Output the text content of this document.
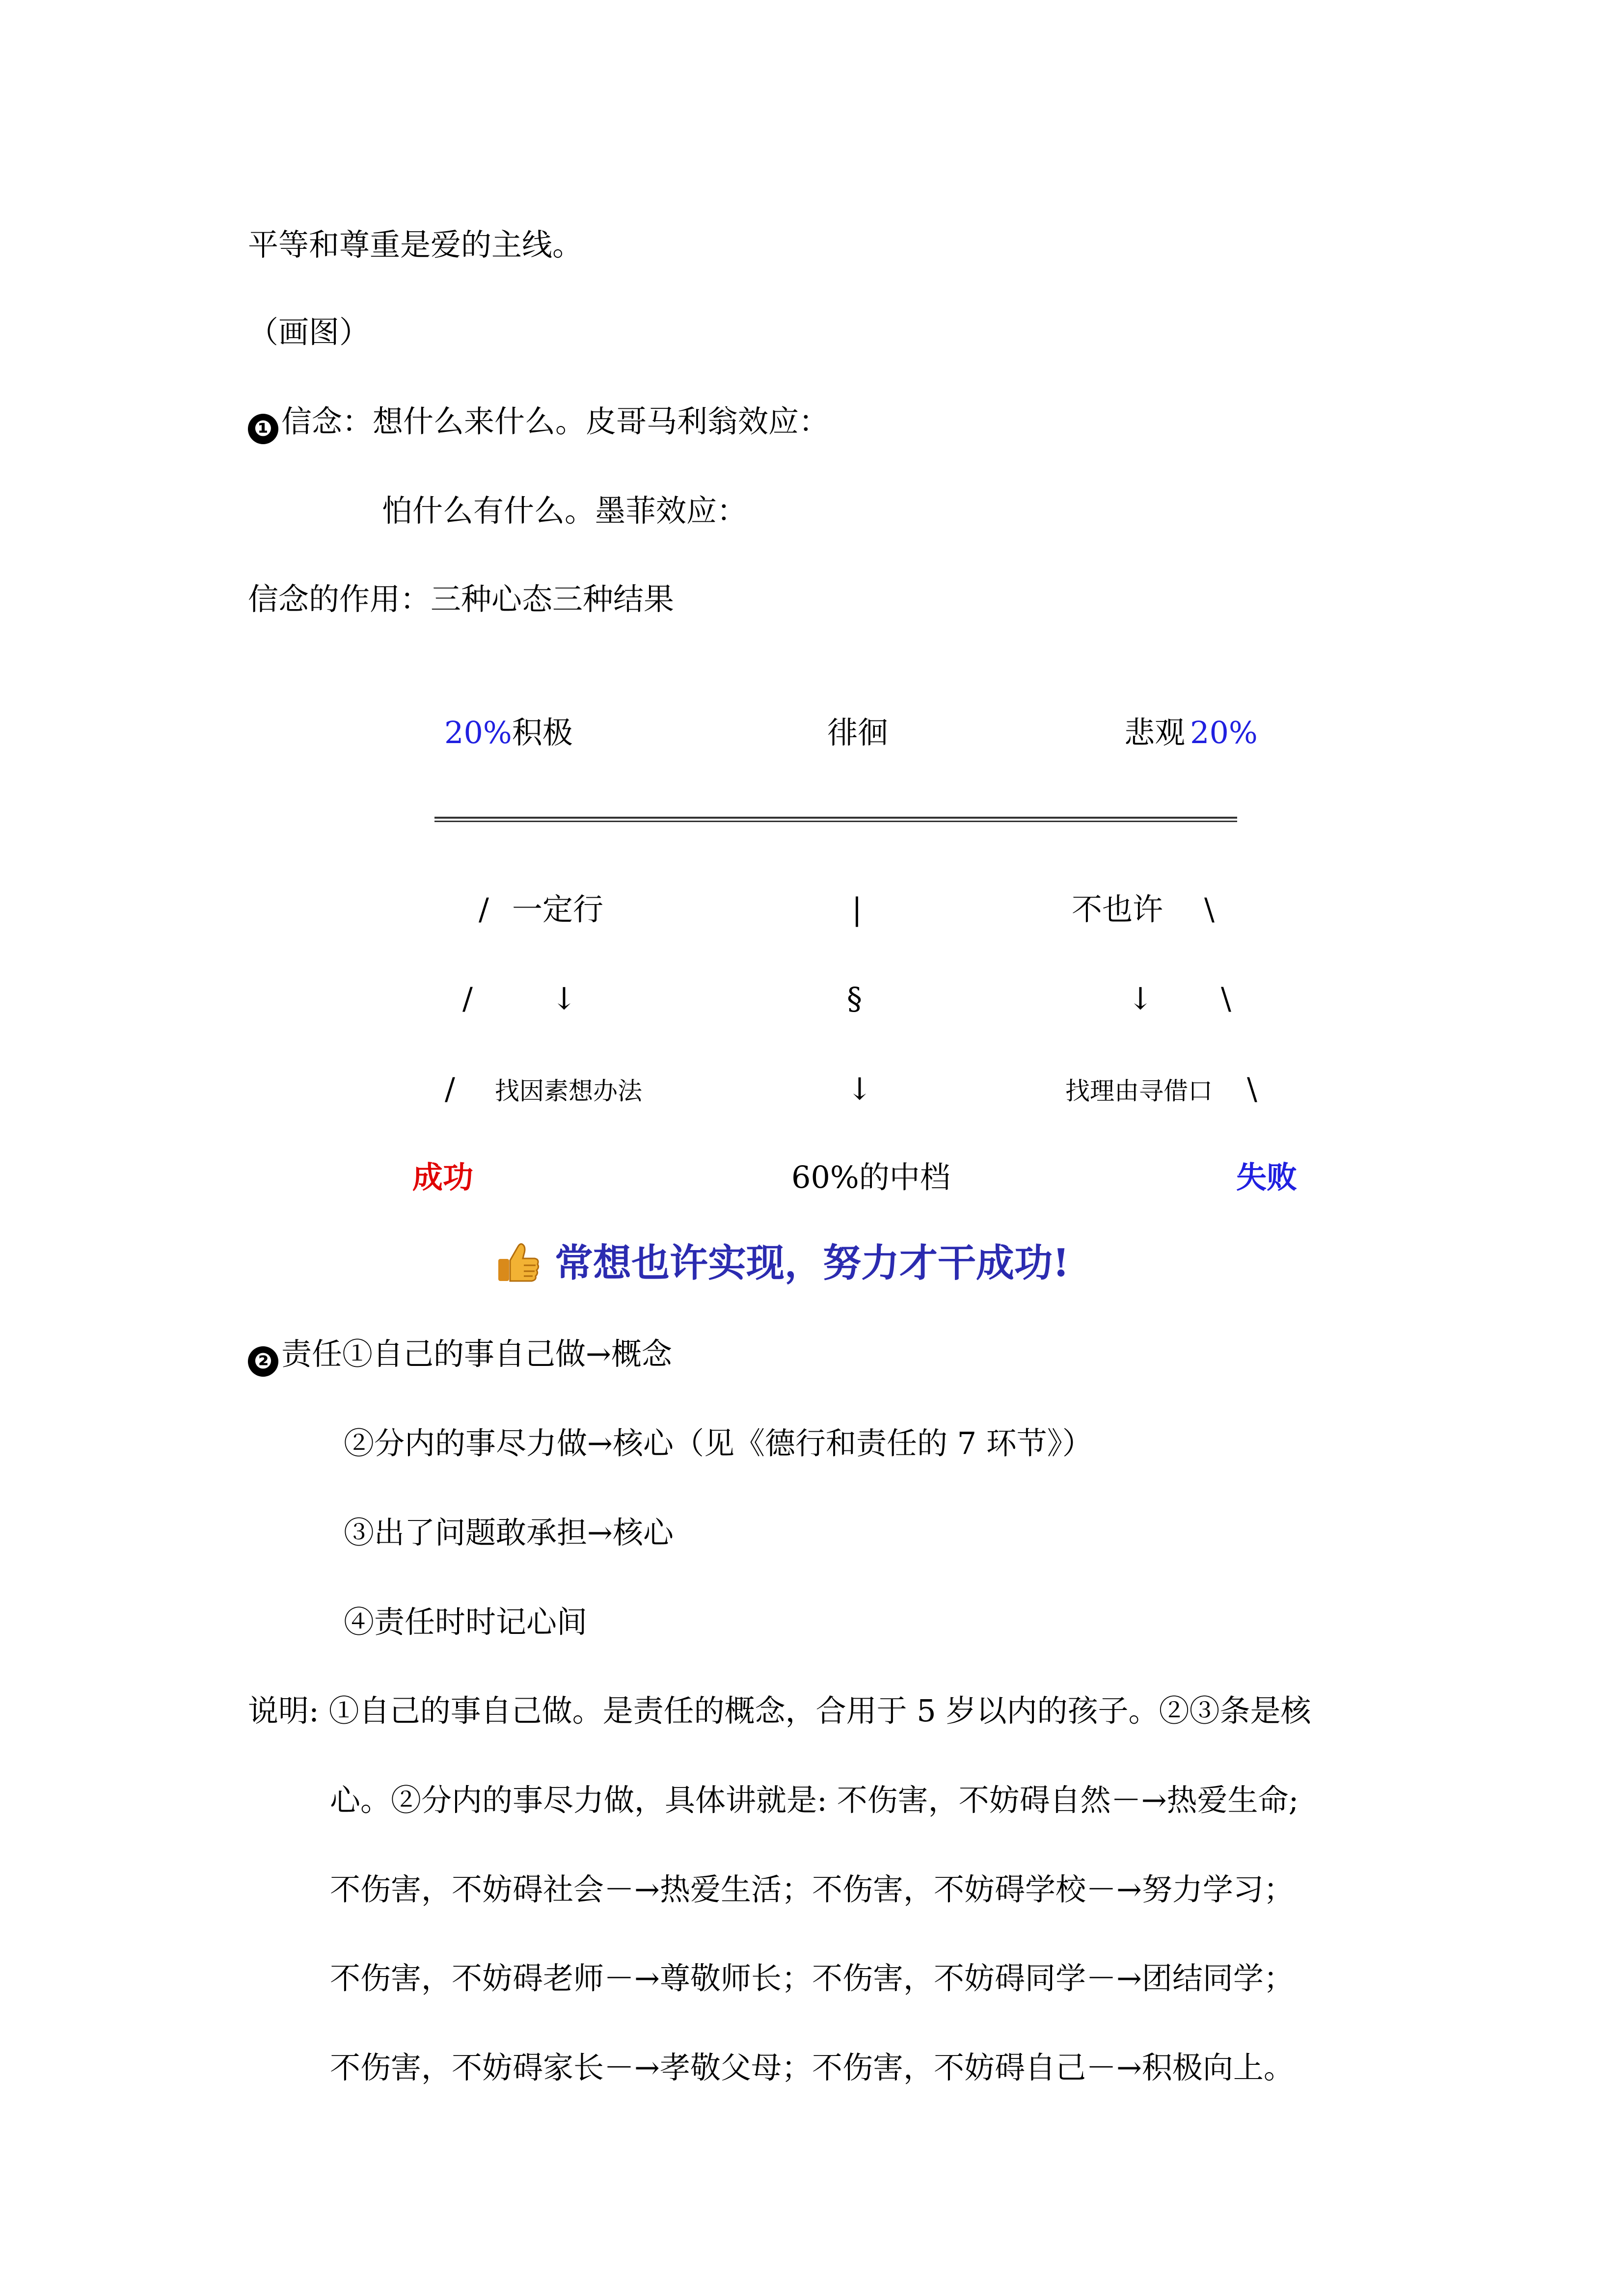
平等和尊重是爱的主线。
（画图）
❶ 信念：想什么来什么。皮哥马利翁效应：
怕什么有什么。墨菲效应：
信念的作用：三种心态三种结果
20%积极	徘徊	悲观 20%
/ 一定行	|	不也许 \
/	↓	§	↓ \
/ 找因素想办法	↓	找理由寻借口 \
成功	60%的中档	失败
常想也许实现，努力才干成功!
❷ 责任①自己的事自己做→概念
②分内的事尽力做→核心（见《德行和责任的 7 环节》）
③出了问题敢承担→核心
④责任时时记心间
说明: ①自己的事自己做。是责任的概念，合用于 5 岁以内的孩子。②③条是核
心。②分内的事尽力做，具体讲就是: 不伤害，不妨碍自然－→热爱生命;
不伤害，不妨碍社会－→热爱生活；不伤害，不妨碍学校－→努力学习；
不伤害，不妨碍老师－→尊敬师长；不伤害，不妨碍同学－→团结同学；
不伤害，不妨碍家长－→孝敬父母；不伤害，不妨碍自己－→积极向上。
